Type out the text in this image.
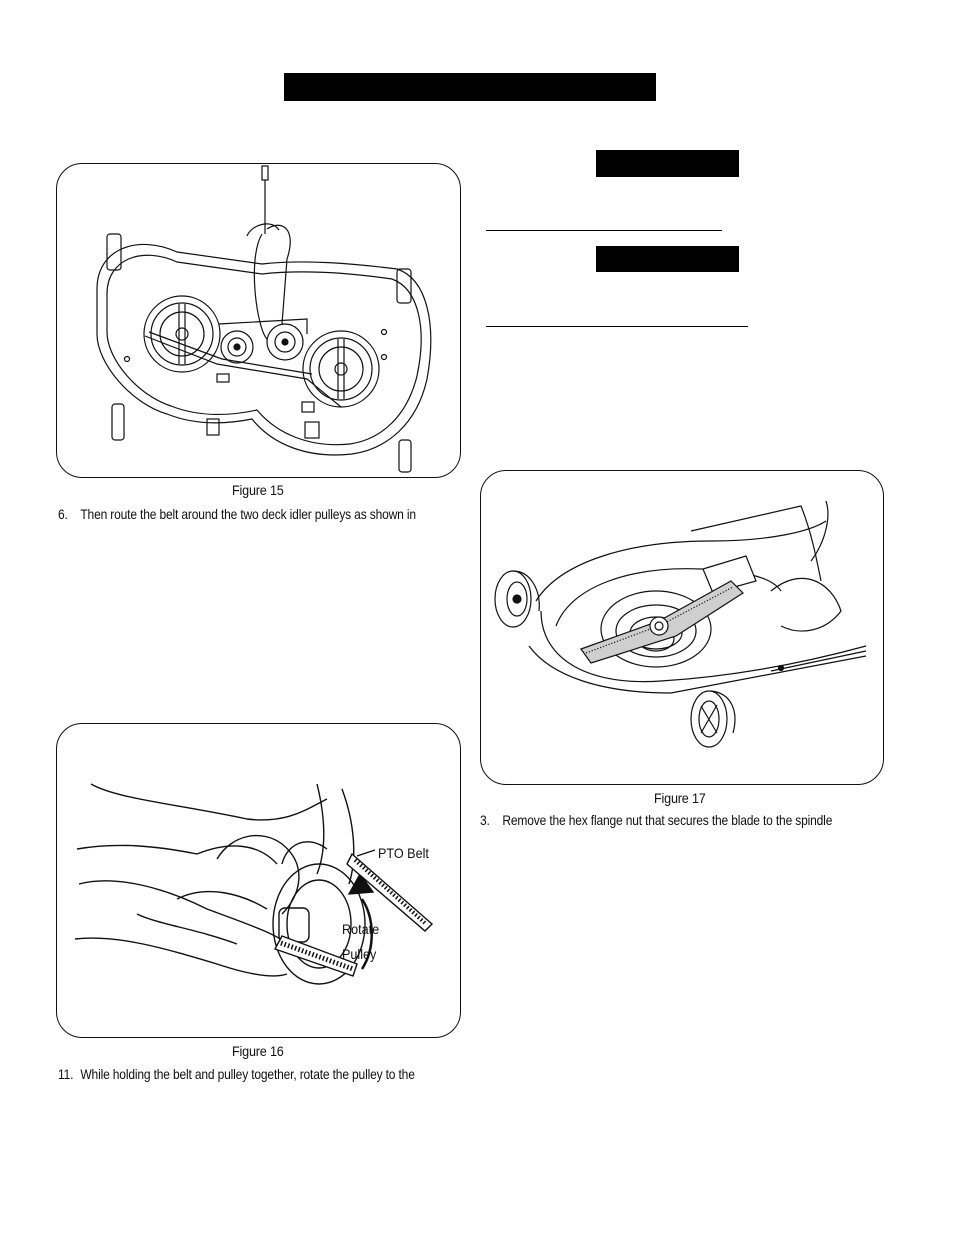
Figure 15
6. Then route the belt around the two deck idler pulleys as shown in
PTO Belt
Rotate
Pulley
Figure 16
11. While holding the belt and pulley together, rotate the pulley to the
Figure 17
3. Remove the hex flange nut that secures the blade to the spindle
